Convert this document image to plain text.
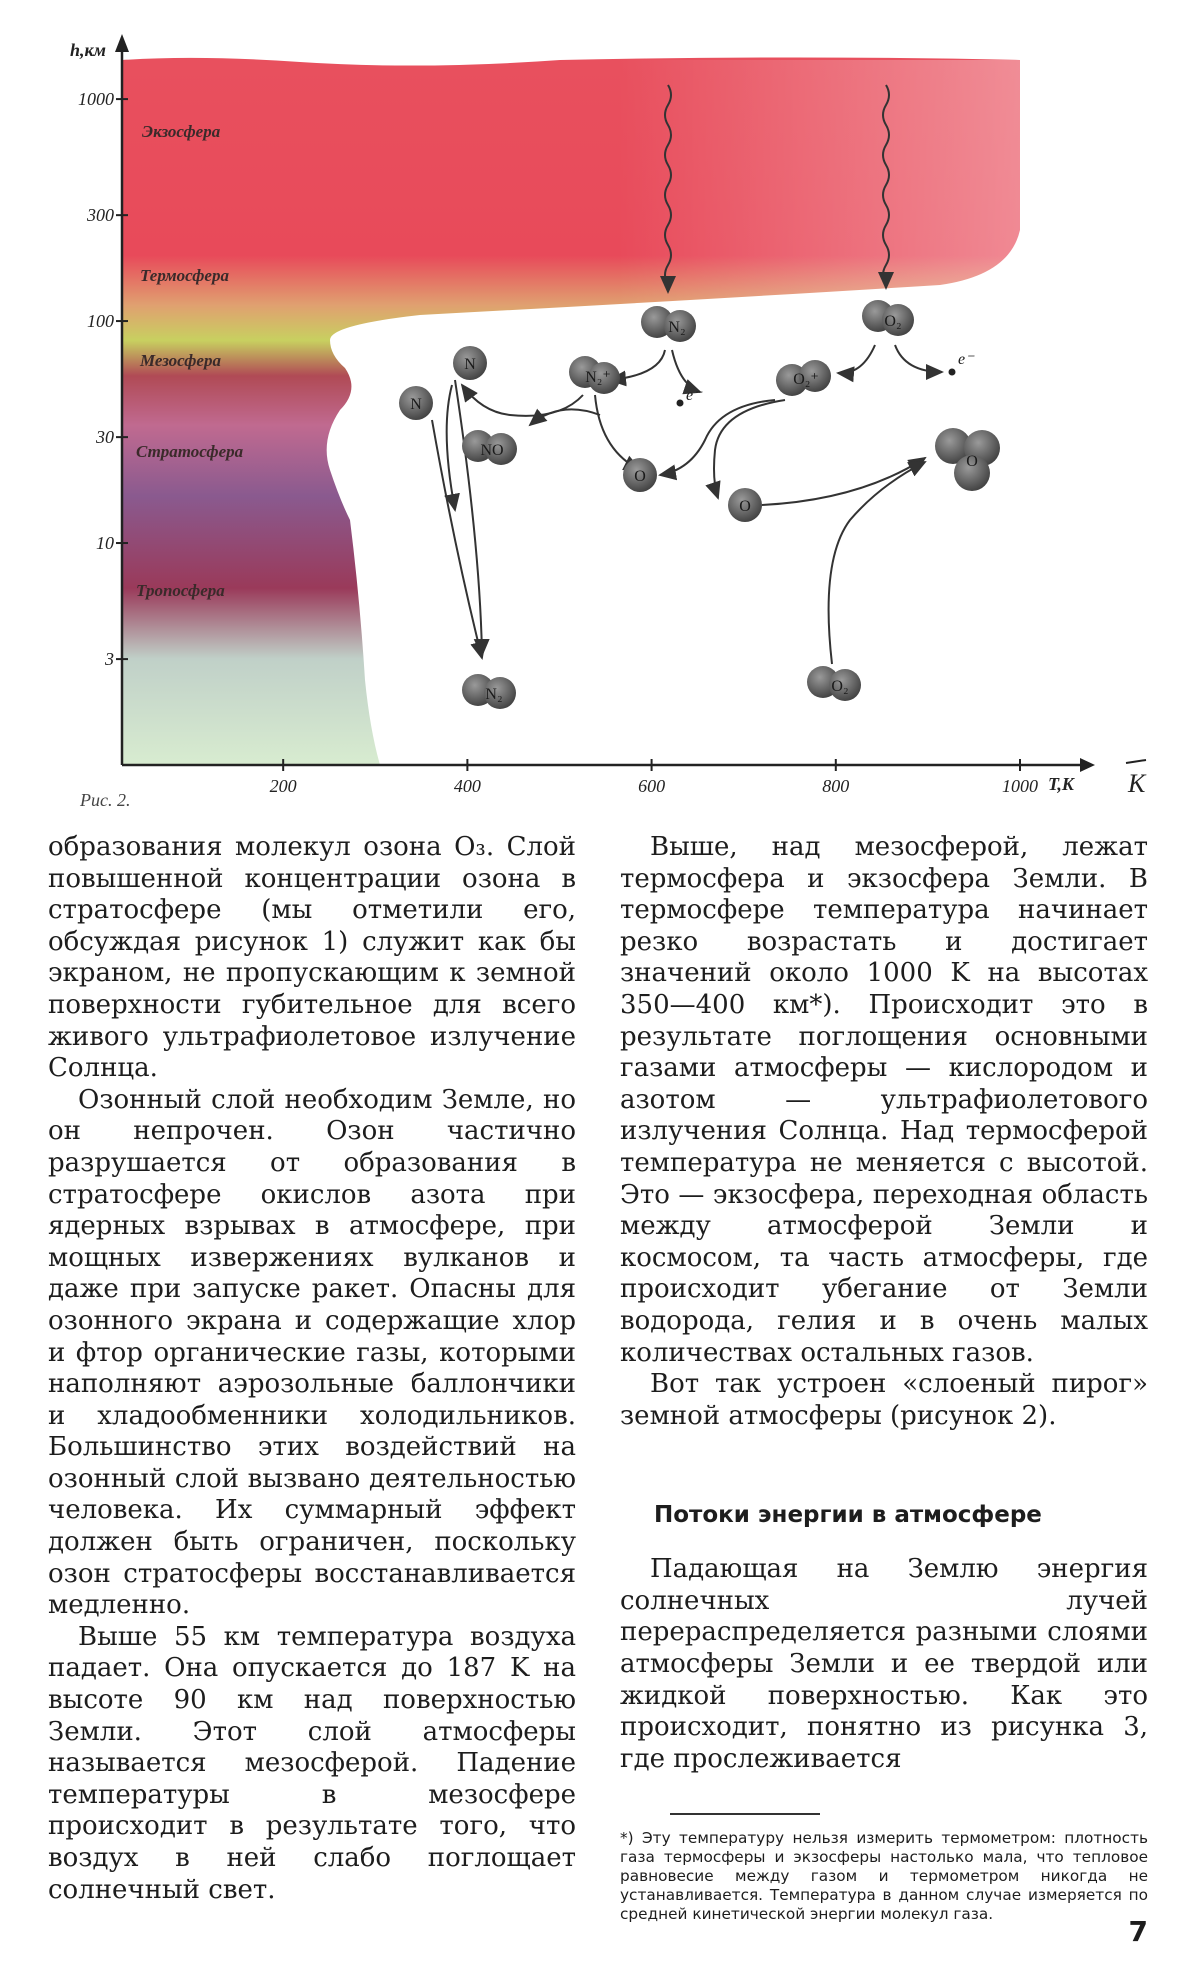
h,км
T,K K
1000
300
100
30
10
3
200	400	600	800	1000
Экзосфера
Термосфера
Мезосфера
Стратосфера
Тропосфера
e⁻
e⁻
N₂	O₂
N₂⁺	O₂⁺
N
N
NO
O
O
O
N₂	O₂
Рис. 2.

образования молекул озона O₃. Слой повышенной концентрации озона в стратосфере (мы отметили его, обсуждая рисунок 1) служит как бы экраном, не пропускающим к земной поверхности губительное для всего живого ультрафиолетовое излучение Солнца.

Озонный слой необходим Земле, но он непрочен. Озон частично разрушается от образования в стратосфере окислов азота при ядерных взрывах в атмосфере, при мощных извержениях вулканов и даже при запуске ракет. Опасны для озонного экрана и содержащие хлор и фтор органические газы, которыми наполняют аэрозольные баллончики и хладообменники холодильников. Большинство этих воздействий на озонный слой вызвано деятельностью человека. Их суммарный эффект должен быть ограничен, поскольку озон стратосферы восстанавливается медленно.

Выше 55 км температура воздуха падает. Она опускается до 187 K на высоте 90 км над поверхностью Земли. Этот слой атмосферы называется мезосферой. Падение температуры в мезосфере происходит в результате того, что воздух в ней слабо поглощает солнечный свет.

Выше, над мезосферой, лежат термосфера и экзосфера Земли. В термосфере температура начинает резко возрастать и достигает значений около 1000 K на высотах 350—400 км*). Происходит это в результате поглощения основными газами атмосферы — кислородом и азотом — ультрафиолетового излучения Солнца. Над термосферой температура не меняется с высотой. Это — экзосфера, переходная область между атмосферой Земли и космосом, та часть атмосферы, где происходит убегание от Земли водорода, гелия и в очень малых количествах остальных газов.

Вот так устроен «слоеный пирог» земной атмосферы (рисунок 2).

Потоки энергии в атмосфере

Падающая на Землю энергия солнечных лучей перераспределяется разными слоями атмосферы Земли и ее твердой или жидкой поверхностью. Как это происходит, понятно из рисунка 3, где прослеживается

*) Эту температуру нельзя измерить термометром: плотность газа термосферы и экзосферы настолько мала, что тепловое равновесие между газом и термометром никогда не устанавливается. Температура в данном случае измеряется по средней кинетической энергии молекул газа.
7
